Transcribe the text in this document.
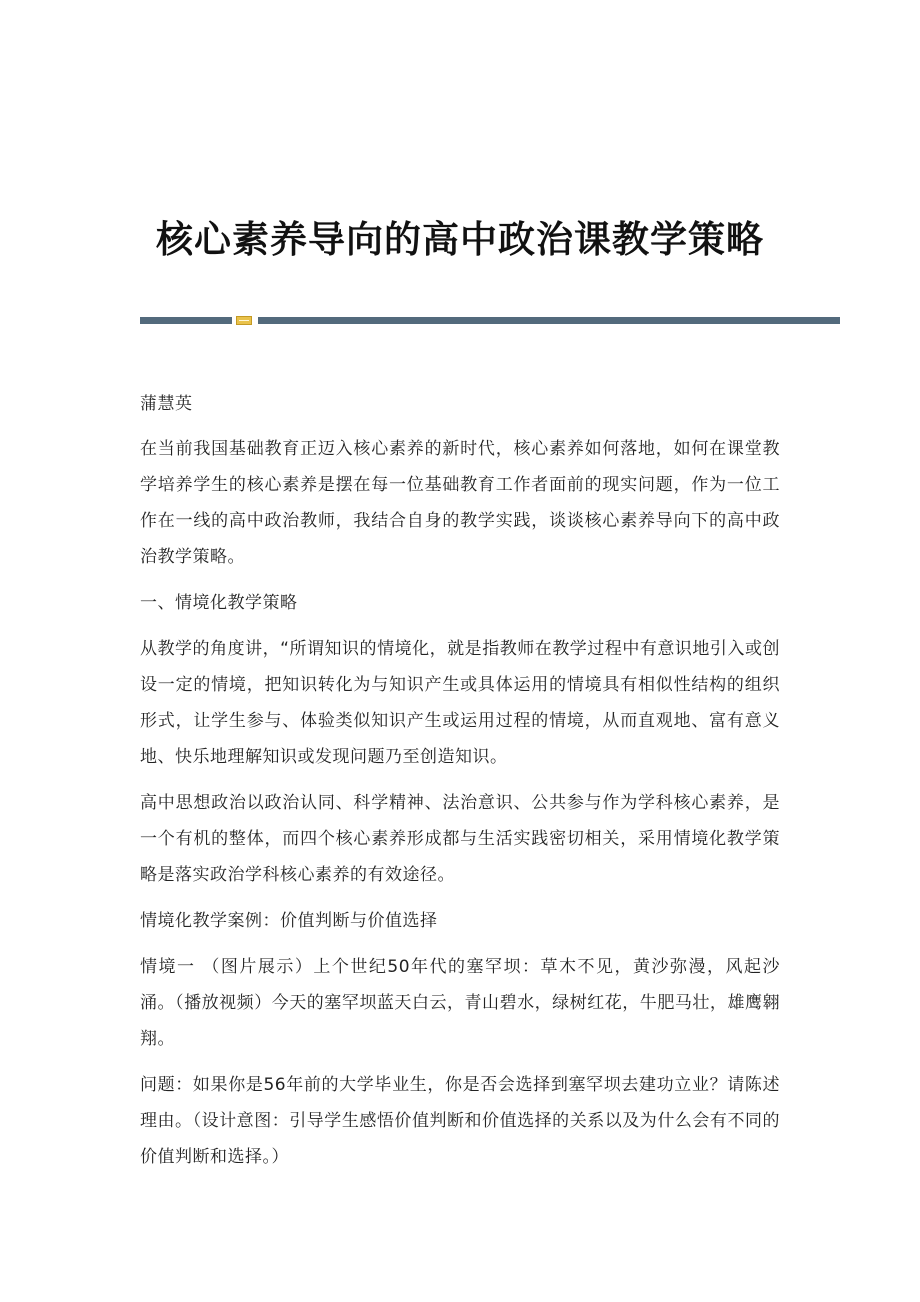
核心素养导向的高中政治课教学策略

蒲慧英

在当前我国基础教育正迈入核心素养的新时代，核心素养如何落地，如何在课堂教学培养学生的核心素养是摆在每一位基础教育工作者面前的现实问题，作为一位工作在一线的高中政治教师，我结合自身的教学实践，谈谈核心素养导向下的高中政治教学策略。

一、情境化教学策略

从教学的角度讲，“所谓知识的情境化，就是指教师在教学过程中有意识地引入或创设一定的情境，把知识转化为与知识产生或具体运用的情境具有相似性结构的组织形式，让学生参与、体验类似知识产生或运用过程的情境，从而直观地、富有意义地、快乐地理解知识或发现问题乃至创造知识。

高中思想政治以政治认同、科学精神、法治意识、公共参与作为学科核心素养，是一个有机的整体，而四个核心素养形成都与生活实践密切相关，采用情境化教学策略是落实政治学科核心素养的有效途径。

情境化教学案例：价值判断与价值选择

情境一 （图片展示）上个世纪50年代的塞罕坝：草木不见，黄沙弥漫，风起沙涌。（播放视频）今天的塞罕坝蓝天白云，青山碧水，绿树红花，牛肥马壮，雄鹰翱翔。

问题：如果你是56年前的大学毕业生，你是否会选择到塞罕坝去建功立业？请陈述理由。（设计意图：引导学生感悟价值判断和价值选择的关系以及为什么会有不同的价值判断和选择。）
